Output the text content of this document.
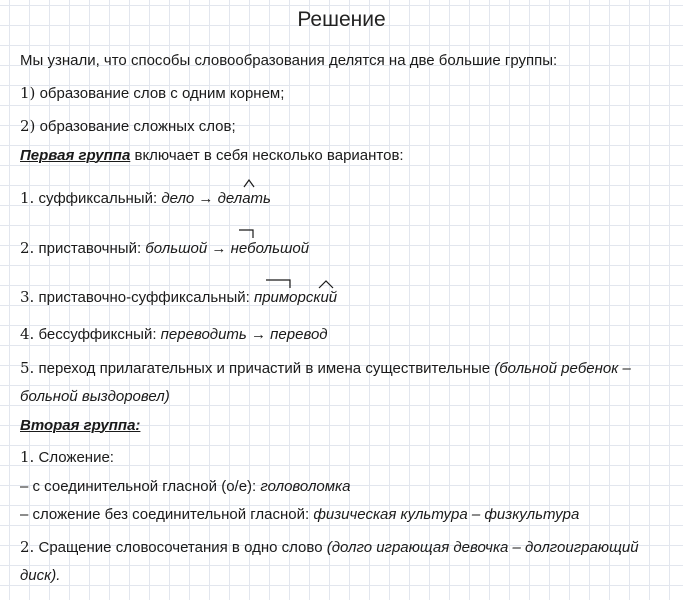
Решение
Мы узнали, что способы словообразования делятся на две большие группы:
1) образование слов с одним корнем;
2) образование сложных слов;
Первая группа включает в себя несколько вариантов:
1. суффиксальный: дело → делать
2. приставочный: большой → небольшой
3. приставочно-суффиксальный: приморский
4. бессуффиксный: переводить → перевод
5. переход прилагательных и причастий в имена существительные (больной ребенок –
больной выздоровел)
Вторая группа:
1. Сложение:
– с соединительной гласной (о/е): головоломка
– сложение без соединительной гласной: физическая культура – физкультура
2. Сращение словосочетания в одно слово (долго играющая девочка – долгоиграющий
диск).
